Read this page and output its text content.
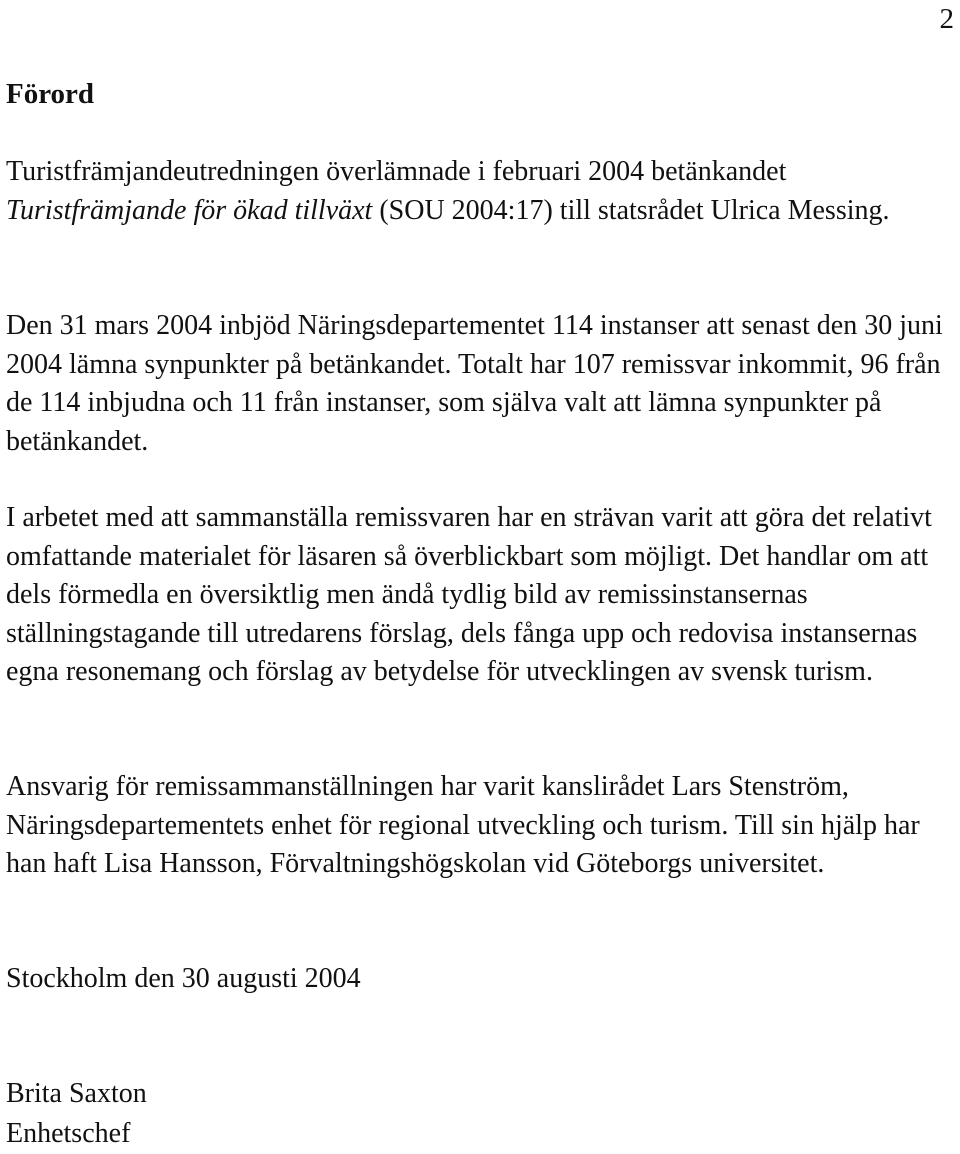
2
Förord

Turistfrämjandeutredningen överlämnade i februari 2004 betänkandet Turistfrämjande för ökad tillväxt (SOU 2004:17) till statsrådet Ulrica Messing.

Den 31 mars 2004 inbjöd Näringsdepartementet 114 instanser att senast den 30 juni 2004 lämna synpunkter på betänkandet. Totalt har 107 remissvar inkommit, 96 från de 114 inbjudna och 11 från instanser, som själva valt att lämna synpunkter på betänkandet.

I arbetet med att sammanställa remissvaren har en strävan varit att göra det relativt omfattande materialet för läsaren så överblickbart som möjligt. Det handlar om att dels förmedla en översiktlig men ändå tydlig bild av remissinstansernas ställningstagande till utredarens förslag, dels fånga upp och redovisa instansernas egna resonemang och förslag av betydelse för utvecklingen av svensk turism.

Ansvarig för remissammanställningen har varit kanslirådet Lars Stenström, Näringsdepartementets enhet för regional utveckling och turism. Till sin hjälp har han haft Lisa Hansson, Förvaltningshögskolan vid Göteborgs universitet.

Stockholm den 30 augusti 2004

Brita Saxton

Enhetschef
